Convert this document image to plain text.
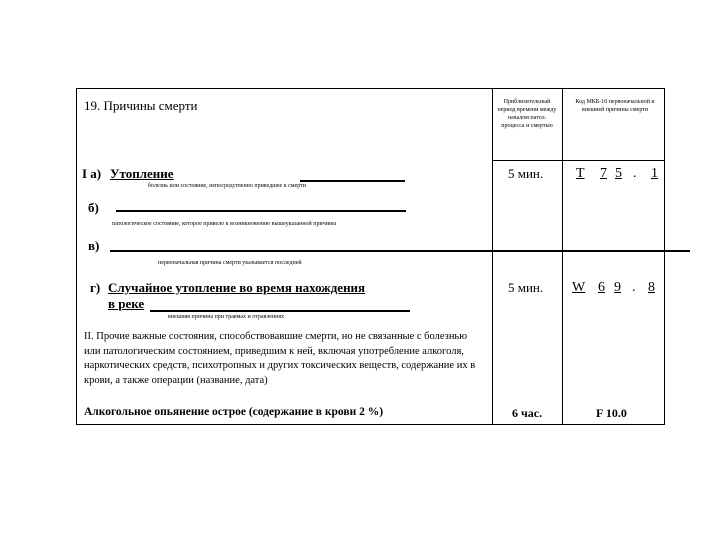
19. Причины смерти	Приблизительный период времени между началом патол. процесса и смертью
Код МКБ-10 первоначальной и внешней причины смерти
I а) Утопление
болезнь или состояние, непосредственно приведшее к смерти
5 мин. Т 7 5 . 1
б)
патологическое состояние, которое привело к возникновению вышеуказанной причины
в)
первоначальная причина смерти указывается последней
г) Случайное утопление во время нахождения
в реке
внешняя причина при травмах и отравлениях
5 мин. W 6 9 . 8
II. Прочие важные состояния, способствовавшие смерти, но не связанные с болезнью или патологическим состоянием, приведшим к ней, включая употребление алкоголя, наркотических средств, психотропных и других токсических веществ, содержание их в крови, а также операции (название, дата)
Алкогольное опьянение острое (содержание в крови 2 %)	6 час.	F 10.0
